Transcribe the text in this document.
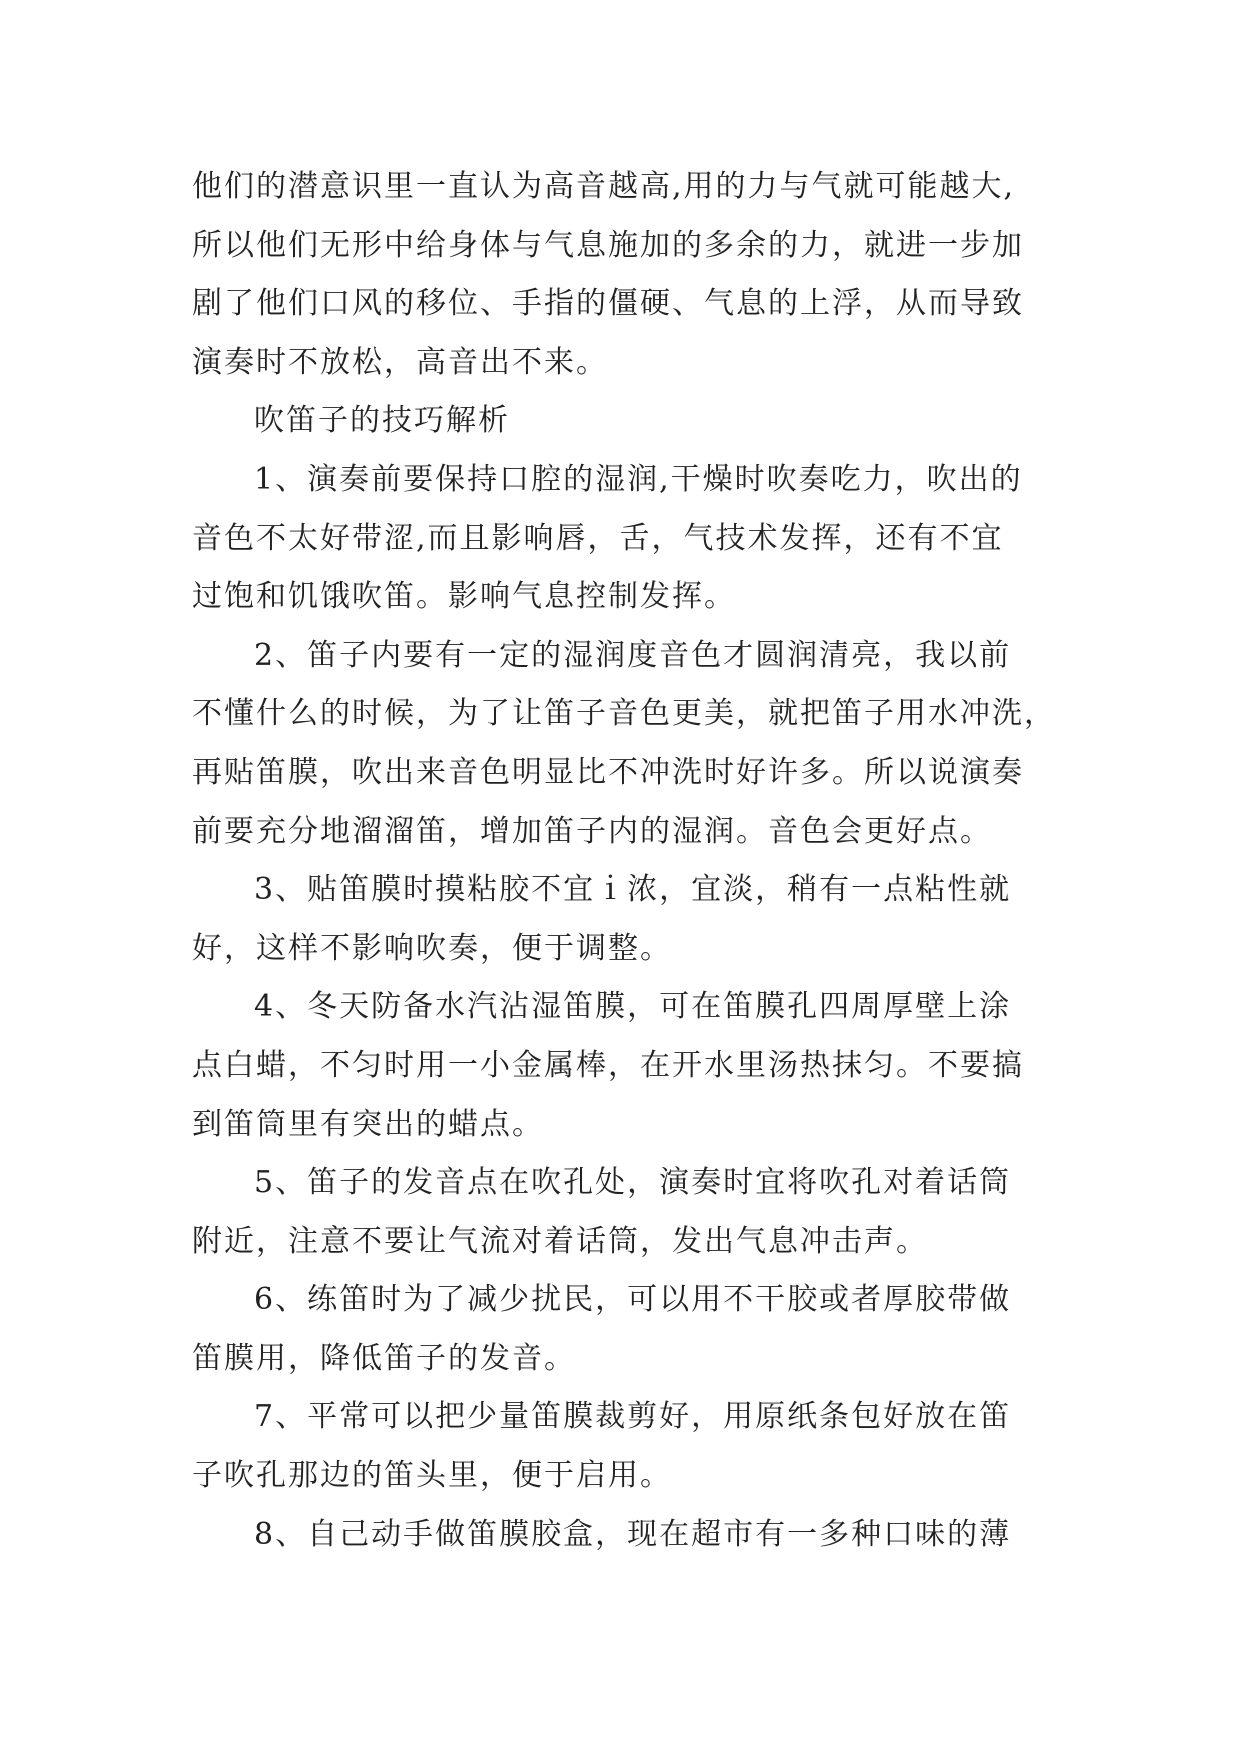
他们的潜意识里一直认为高音越高,用的力与气就可能越大,
所以他们无形中给身体与气息施加的多余的力，就进一步加
剧了他们口风的移位、手指的僵硬、气息的上浮，从而导致
演奏时不放松，高音出不来。
吹笛子的技巧解析
1、演奏前要保持口腔的湿润,干燥时吹奏吃力，吹出的
音色不太好带涩,而且影响唇，舌，气技术发挥，还有不宜
过饱和饥饿吹笛。影响气息控制发挥。
2、笛子内要有一定的湿润度音色才圆润清亮，我以前
不懂什么的时候，为了让笛子音色更美，就把笛子用水冲洗，
再贴笛膜，吹出来音色明显比不冲洗时好许多。所以说演奏
前要充分地溜溜笛，增加笛子内的湿润。音色会更好点。
3、贴笛膜时摸粘胶不宜ｉ浓，宜淡，稍有一点粘性就
好，这样不影响吹奏，便于调整。
4、冬天防备水汽沾湿笛膜，可在笛膜孔四周厚壁上涂
点白蜡，不匀时用一小金属棒，在开水里汤热抹匀。不要搞
到笛筒里有突出的蜡点。
5、笛子的发音点在吹孔处，演奏时宜将吹孔对着话筒
附近，注意不要让气流对着话筒，发出气息冲击声。
6、练笛时为了减少扰民，可以用不干胶或者厚胶带做
笛膜用，降低笛子的发音。
7、平常可以把少量笛膜裁剪好，用原纸条包好放在笛
子吹孔那边的笛头里，便于启用。
8、自己动手做笛膜胶盒，现在超市有一多种口味的薄
